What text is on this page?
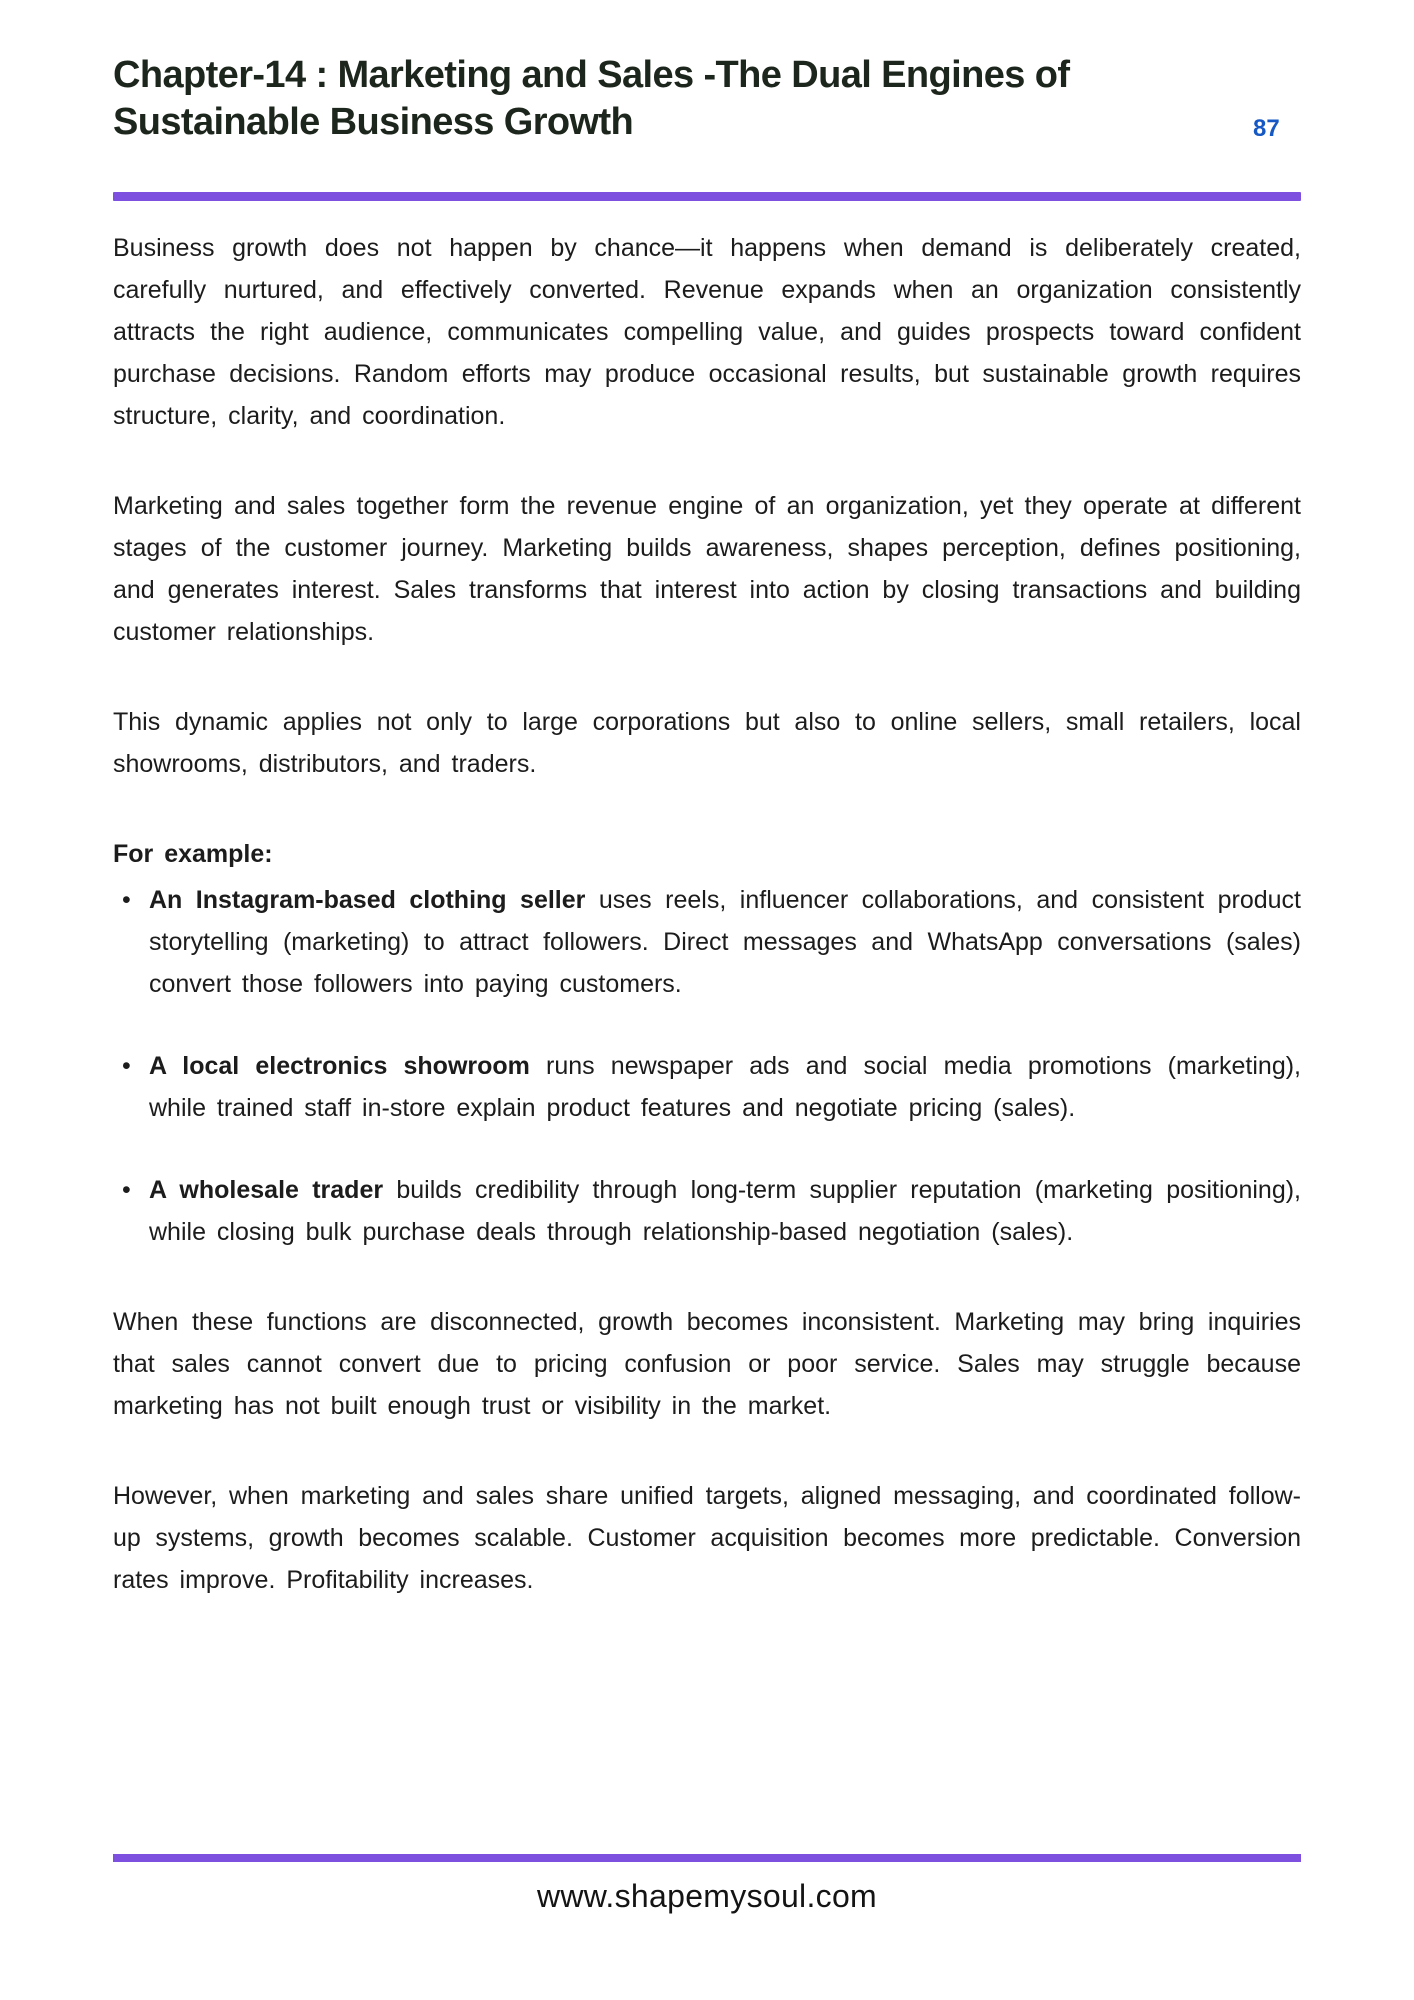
Chapter-14 : Marketing and Sales -The Dual Engines of Sustainable Business Growth	87

Business growth does not happen by chance—it happens when demand is deliberately created, carefully nurtured, and effectively converted. Revenue expands when an organization consistently attracts the right audience, communicates compelling value, and guides prospects toward confident purchase decisions. Random efforts may produce occasional results, but sustainable growth requires structure, clarity, and coordination.

Marketing and sales together form the revenue engine of an organization, yet they operate at different stages of the customer journey. Marketing builds awareness, shapes perception, defines positioning, and generates interest. Sales transforms that interest into action by closing transactions and building customer relationships.

This dynamic applies not only to large corporations but also to online sellers, small retailers, local showrooms, distributors, and traders.

For example:

• An Instagram-based clothing seller uses reels, influencer collaborations, and consistent product storytelling (marketing) to attract followers. Direct messages and WhatsApp conversations (sales) convert those followers into paying customers.
• A local electronics showroom runs newspaper ads and social media promotions (marketing), while trained staff in-store explain product features and negotiate pricing (sales).
• A wholesale trader builds credibility through long-term supplier reputation (marketing positioning), while closing bulk purchase deals through relationship-based negotiation (sales).

When these functions are disconnected, growth becomes inconsistent. Marketing may bring inquiries that sales cannot convert due to pricing confusion or poor service. Sales may struggle because marketing has not built enough trust or visibility in the market.

However, when marketing and sales share unified targets, aligned messaging, and coordinated follow-up systems, growth becomes scalable. Customer acquisition becomes more predictable. Conversion rates improve. Profitability increases.

www.shapemysoul.com
